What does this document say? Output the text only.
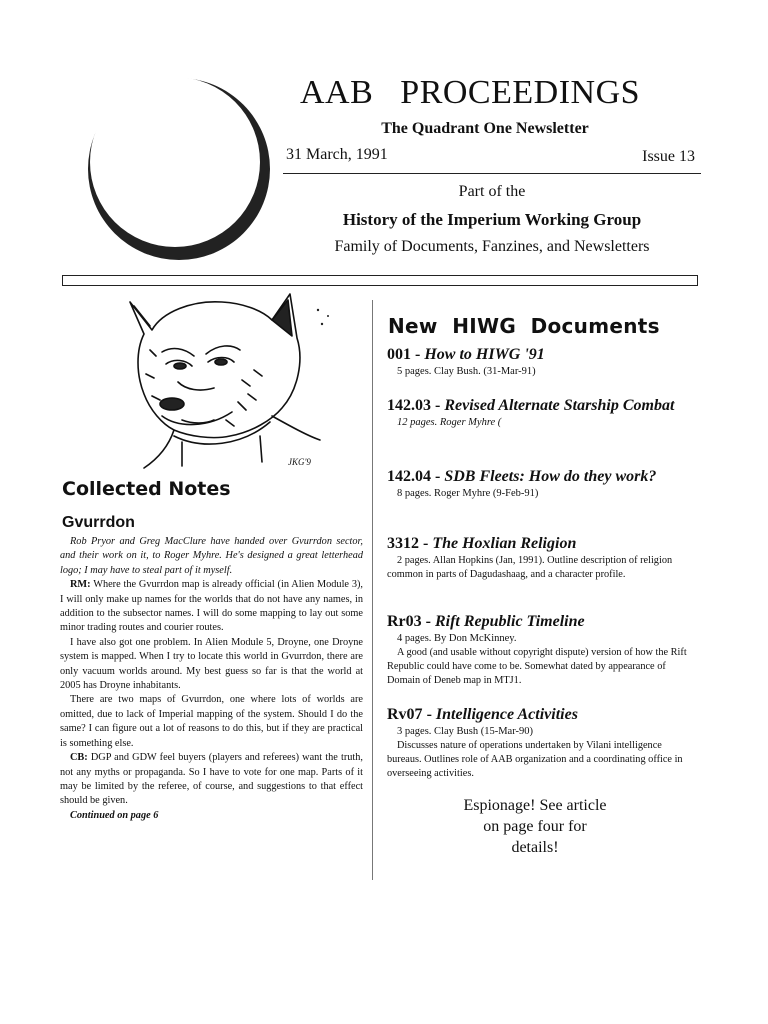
AAB   PROCEEDINGS
The Quadrant One Newsletter
31 March, 1991	Issue 13
Part of the
History of the Imperium Working Group
Family of Documents, Fanzines, and Newsletters
JKG'9
Collected Notes
Gvurrdon

Rob Pryor and Greg MacClure have handed over Gvurrdon sector, and their work on it, to Roger Myhre. He's designed a great letterhead logo; I may have to steal part of it myself.

RM: Where the Gvurrdon map is already official (in Alien Module 3), I will only make up names for the worlds that do not have any names, in addition to the subsector names. I will do some mapping to lay out some minor trading routes and courier routes.

I have also got one problem. In Alien Module 5, Droyne, one Droyne system is mapped. When I try to locate this world in Gvurrdon, there are only vacuum worlds around. My best guess so far is that the world at 2005 has Droyne inhabitants.

There are two maps of Gvurrdon, one where lots of worlds are omitted, due to lack of Imperial mapping of the system. Should I do the same? I can figure out a lot of reasons to do this, but if they are practical is something else.

CB: DGP and GDW feel buyers (players and referees) want the truth, not any myths or propaganda. So I have to vote for one map. Parts of it may be limited by the referee, of course, and suggestions to that effect should be given.

Continued on page 6

New  HIWG  Documents
001 - How to HIWG '91
5 pages. Clay Bush. (31-Mar-91)
142.03 - Revised Alternate Starship Combat
12 pages. Roger Myhre (
142.04 - SDB Fleets: How do they work?
8 pages. Roger Myhre (9-Feb-91)
3312 - The Hoxlian Religion

2 pages. Allan Hopkins (Jan, 1991). Outline description of religion common in parts of Dagudashaag, and a character profile.

Rr03 - Rift Republic Timeline
4 pages. By Don McKinney.

A good (and usable without copyright dispute) version of how the Rift Republic could have come to be. Somewhat dated by appearance of Domain of Deneb map in MTJ1.

Rv07 - Intelligence Activities
3 pages. Clay Bush (15-Mar-90)

Discusses nature of operations undertaken by Vilani intelligence bureaus. Outlines role of AAB organization and a coordinating office in overseeing activities.

Espionage! See article
on page four for
details!
